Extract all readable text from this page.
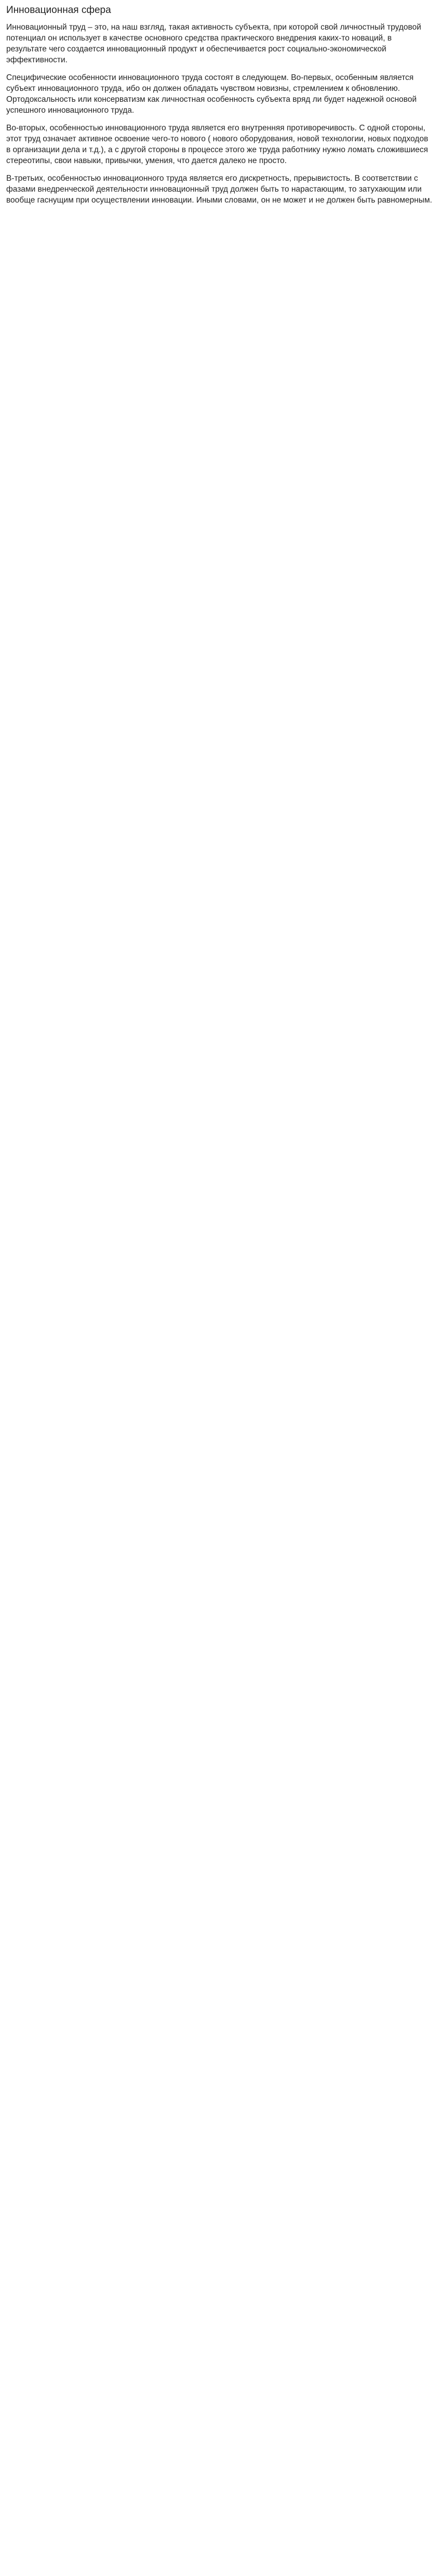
Инновационная сфера

Инновационный труд – это, на наш взгляд, такая активность субъекта, при которой свой личностный трудовой потенциал он использует в качестве основного средства практического внедрения каких-то новаций, в результате чего создается инновационный продукт и обеспечивается рост социально-экономической эффективности.

Специфические особенности инновационного труда состоят в следующем. Во-первых, особенным является субъект инновационного труда, ибо он должен обладать чувством новизны, стремлением к обновлению. Ортодоксальность или консерватизм как личностная особенность субъекта вряд ли будет надежной основой успешного инновационного труда.

Во-вторых, особенностью инновационного труда является его внутренняя противоречивость. С одной стороны, этот труд означает активное освоение чего-то нового ( нового оборудования, новой технологии, новых подходов в организации дела и т.д.), а с другой стороны в процессе этого же труда работнику нужно ломать сложившиеся стереотипы, свои навыки, привычки, умения, что дается далеко не просто.

В-третьих, особенностью инновационного труда является его дискретность, прерывистость. В соответствии с фазами внедренческой деятельности инновационный труд должен быть то нарастающим, то затухающим или вообще гаснущим при осуществлении инновации. Иными словами, он не может и не должен быть равномерным.
